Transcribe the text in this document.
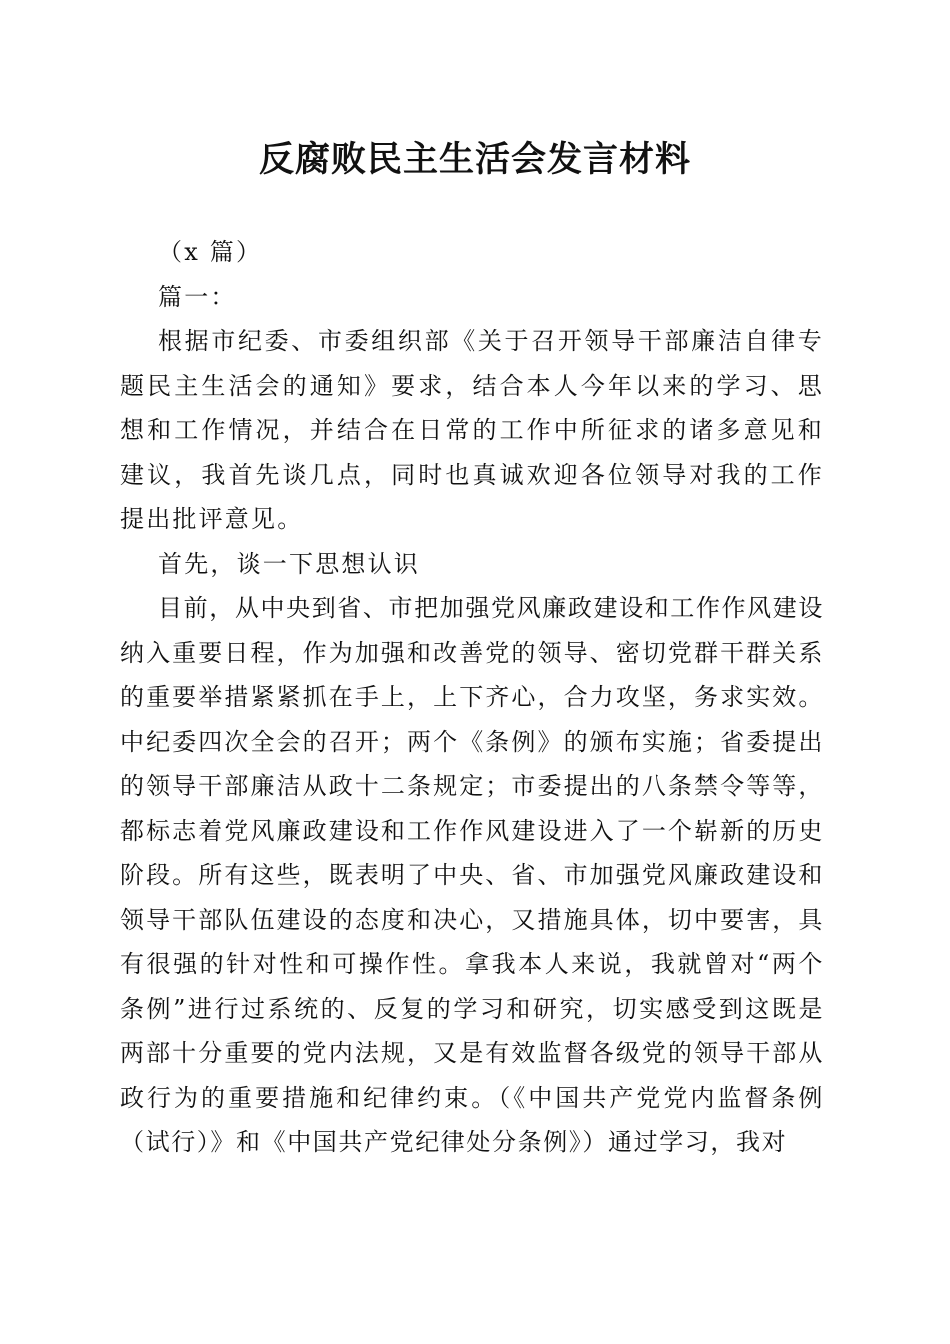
反腐败民主生活会发言材料

（x 篇）

篇一：

根据市纪委、市委组织部《关于召开领导干部廉洁自律专题民主生活会的通知》要求，结合本人今年以来的学习、思想和工作情况，并结合在日常的工作中所征求的诸多意见和建议，我首先谈几点，同时也真诚欢迎各位领导对我的工作提出批评意见。

首先，谈一下思想认识

目前，从中央到省、市把加强党风廉政建设和工作作风建设纳入重要日程，作为加强和改善党的领导、密切党群干群关系的重要举措紧紧抓在手上，上下齐心，合力攻坚，务求实效。中纪委四次全会的召开；两个《条例》的颁布实施；省委提出的领导干部廉洁从政十二条规定；市委提出的八条禁令等等，都标志着党风廉政建设和工作作风建设进入了一个崭新的历史阶段。所有这些，既表明了中央、省、市加强党风廉政建设和领导干部队伍建设的态度和决心，又措施具体，切中要害，具有很强的针对性和可操作性。拿我本人来说，我就曾对“两个条例”进行过系统的、反复的学习和研究，切实感受到这既是两部十分重要的党内法规，又是有效监督各级党的领导干部从政行为的重要措施和纪律约束。（《中国共产党党内监督条例（试行）》和《中国共产党纪律处分条例》）通过学习，我对
